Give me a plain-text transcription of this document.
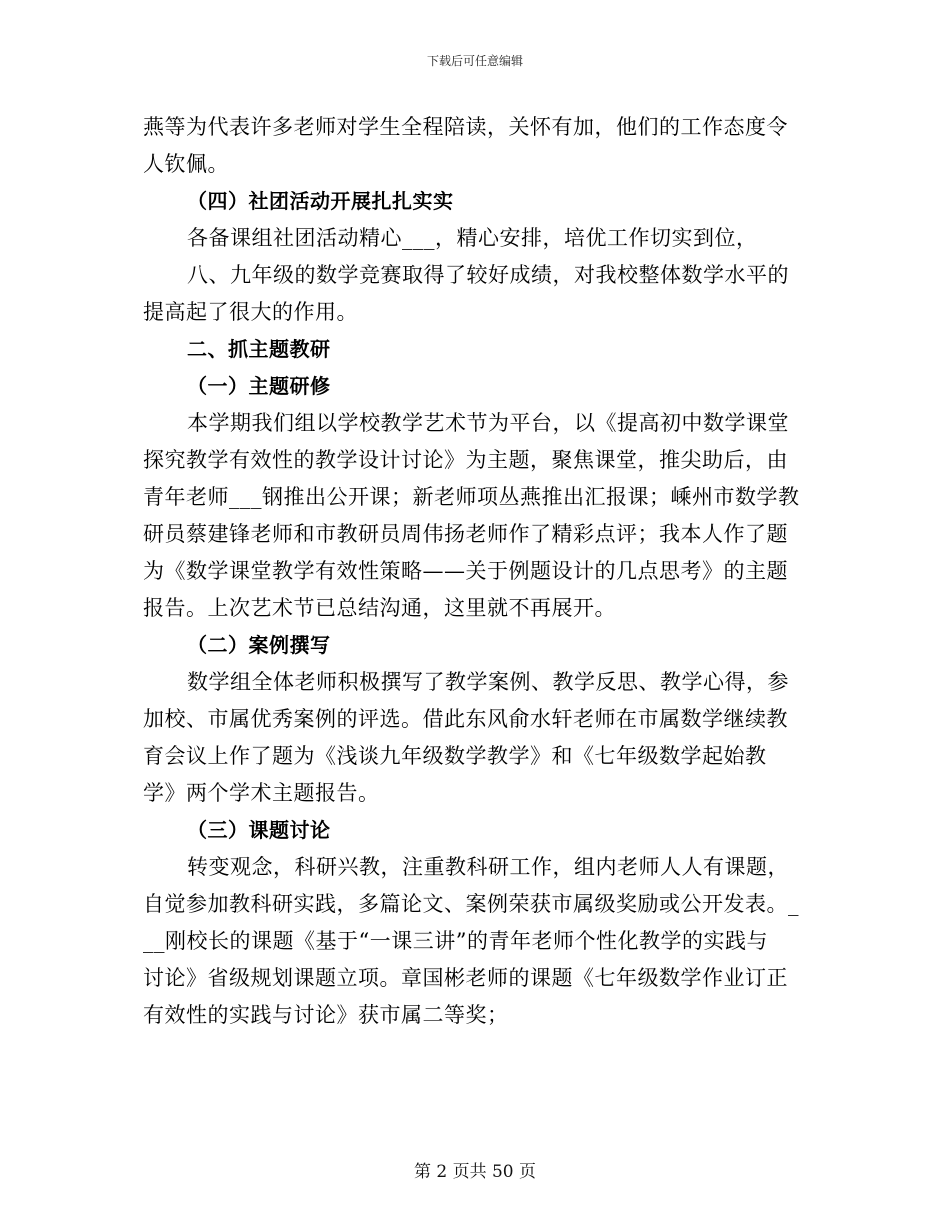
下载后可任意编辑
燕等为代表许多老师对学生全程陪读，关怀有加，他们的工作态度令
人钦佩。
（四）社团活动开展扎扎实实
各备课组社团活动精心___，精心安排，培优工作切实到位，
八、九年级的数学竞赛取得了较好成绩，对我校整体数学水平的
提高起了很大的作用。
二、抓主题教研
（一）主题研修
本学期我们组以学校教学艺术节为平台，以《提高初中数学课堂
探究教学有效性的教学设计讨论》为主题，聚焦课堂，推尖助后，由
青年老师___钢推出公开课；新老师项丛燕推出汇报课；嵊州市数学教
研员蔡建锋老师和市教研员周伟扬老师作了精彩点评；我本人作了题
为《数学课堂教学有效性策略——关于例题设计的几点思考》的主题
报告。上次艺术节已总结沟通，这里就不再展开。
（二）案例撰写
数学组全体老师积极撰写了教学案例、教学反思、教学心得，参
加校、市属优秀案例的评选。借此东风俞水轩老师在市属数学继续教
育会议上作了题为《浅谈九年级数学教学》和《七年级数学起始教
学》两个学术主题报告。
（三）课题讨论
转变观念，科研兴教，注重教科研工作，组内老师人人有课题，
自觉参加教科研实践，多篇论文、案例荣获市属级奖励或公开发表。_
__刚校长的课题《基于“一课三讲”的青年老师个性化教学的实践与
讨论》省级规划课题立项。章国彬老师的课题《七年级数学作业订正
有效性的实践与讨论》获市属二等奖；
第 2 页共 50 页
